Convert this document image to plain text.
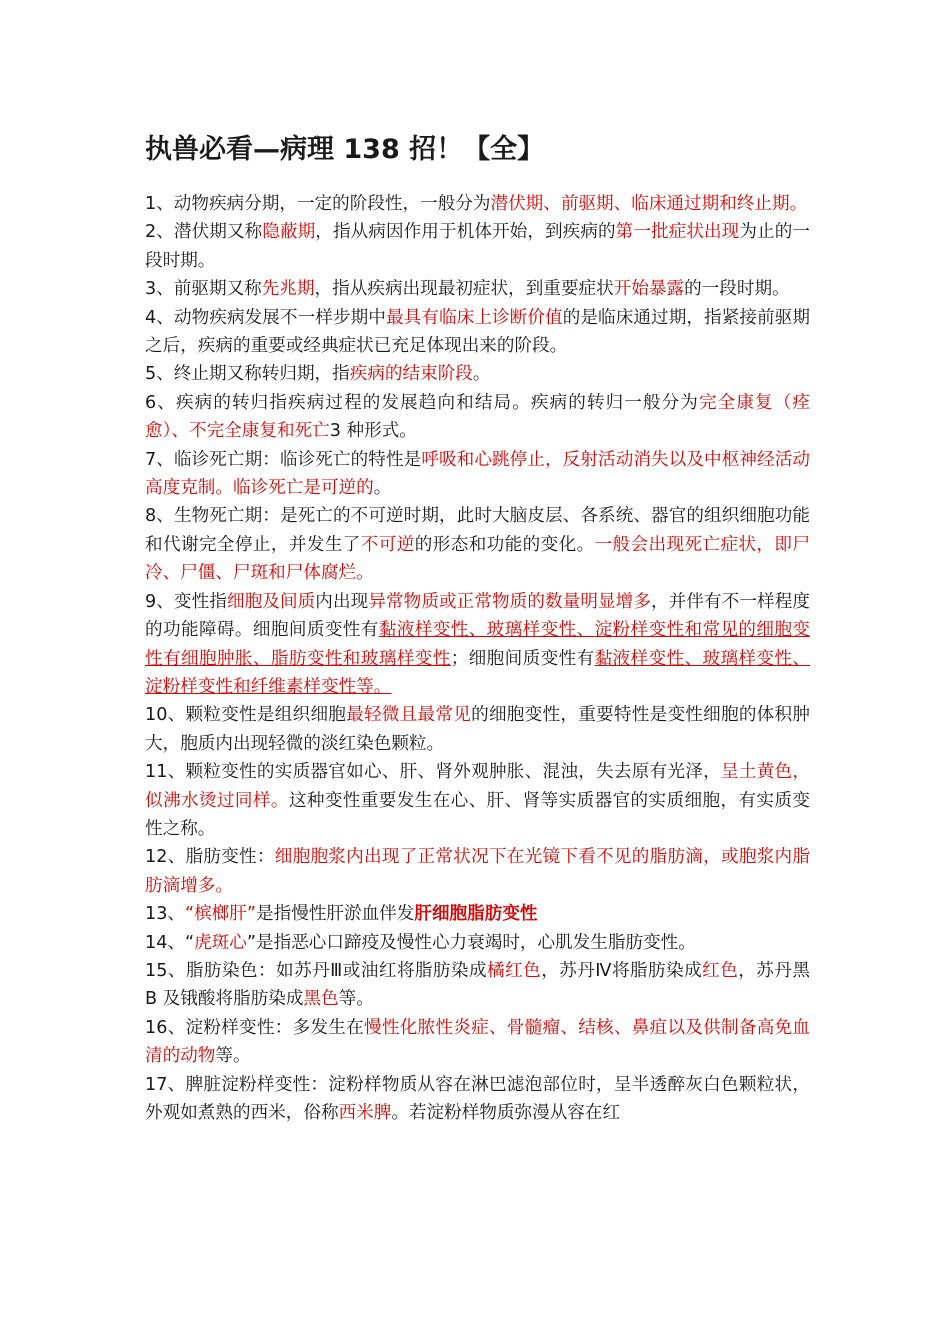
执兽必看—病理 138 招！【全】

1、动物疾病分期，一定的阶段性，一般分为潜伏期、前驱期、临床通过期和终止期。

2、潜伏期又称隐蔽期，指从病因作用于机体开始，到疾病的第一批症状出现为止的一段时期。

3、前驱期又称先兆期，指从疾病出现最初症状，到重要症状开始暴露的一段时期。

4、动物疾病发展不一样步期中最具有临床上诊断价值的是临床通过期，指紧接前驱期之后，疾病的重要或经典症状已充足体现出来的阶段。

5、终止期又称转归期，指疾病的结束阶段。

6、疾病的转归指疾病过程的发展趋向和结局。疾病的转归一般分为完全康复（痊愈）、不完全康复和死亡3 种形式。

7、临诊死亡期：临诊死亡的特性是呼吸和心跳停止，反射活动消失以及中枢神经活动高度克制。临诊死亡是可逆的。

8、生物死亡期：是死亡的不可逆时期，此时大脑皮层、各系统、器官的组织细胞功能和代谢完全停止，并发生了不可逆的形态和功能的变化。一般会出现死亡症状，即尸冷、尸僵、尸斑和尸体腐烂。

9、变性指细胞及间质内出现异常物质或正常物质的数量明显增多，并伴有不一样程度的功能障碍。细胞间质变性有黏液样变性、玻璃样变性、淀粉样变性和常见的细胞变性有细胞肿胀、脂肪变性和玻璃样变性；细胞间质变性有黏液样变性、玻璃样变性、淀粉样变性和纤维素样变性等。

10、颗粒变性是组织细胞最轻微且最常见的细胞变性，重要特性是变性细胞的体积肿大，胞质内出现轻微的淡红染色颗粒。

11、颗粒变性的实质器官如心、肝、肾外观肿胀、混浊，失去原有光泽，呈土黄色，似沸水烫过同样。这种变性重要发生在心、肝、肾等实质器官的实质细胞，有实质变性之称。

12、脂肪变性：细胞胞浆内出现了正常状况下在光镜下看不见的脂肪滴，或胞浆内脂肪滴增多。

13、“槟榔肝”是指慢性肝淤血伴发肝细胞脂肪变性

14、“虎斑心”是指恶心口蹄疫及慢性心力衰竭时，心肌发生脂肪变性。

15、脂肪染色：如苏丹Ⅲ或油红将脂肪染成橘红色，苏丹Ⅳ将脂肪染成红色，苏丹黑 B 及锇酸将脂肪染成黑色等。

16、淀粉样变性：多发生在慢性化脓性炎症、骨髓瘤、结核、鼻疽以及供制备高免血清的动物等。

17、脾脏淀粉样变性：淀粉样物质从容在淋巴滤泡部位时，呈半透醉灰白色颗粒状，外观如煮熟的西米，俗称西米脾。若淀粉样物质弥漫从容在红
